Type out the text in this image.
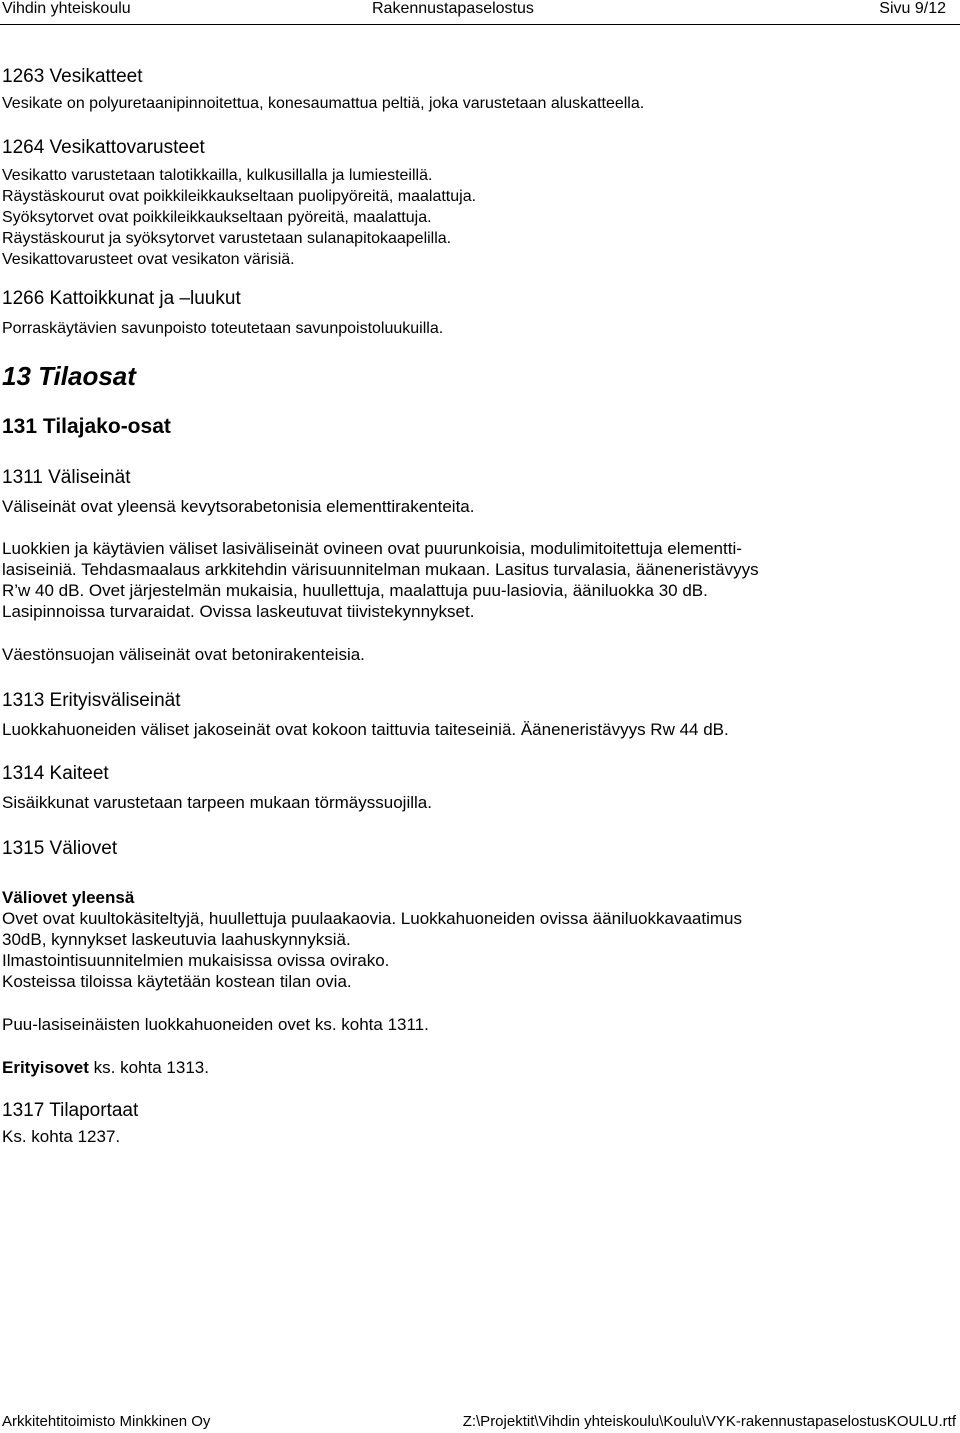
Vihdin yhteiskoulu	Rakennustapaselostus	Sivu 9/12
1263 Vesikatteet

Vesikate on polyuretaanipinnoitettua, konesaumattua peltiä, joka varustetaan aluskatteella.

1264 Vesikattovarusteet

Vesikatto varustetaan talotikkailla, kulkusillalla ja lumiesteillä.

Räystäskourut ovat poikkileikkaukseltaan puolipyöreitä, maalattuja.

Syöksytorvet ovat poikkileikkaukseltaan pyöreitä, maalattuja.

Räystäskourut ja syöksytorvet varustetaan sulanapitokaapelilla.

Vesikattovarusteet ovat vesikaton värisiä.

1266 Kattoikkunat ja –luukut

Porraskäytävien savunpoisto toteutetaan savunpoistoluukuilla.

13 Tilaosat
131 Tilajako-osat
1311 Väliseinät

Väliseinät ovat yleensä kevytsorabetonisia elementtirakenteita.

Luokkien ja käytävien väliset lasiväliseinät ovineen ovat puurunkoisia, modulimitoitettuja elementti-

lasiseiniä. Tehdasmaalaus arkkitehdin värisuunnitelman mukaan. Lasitus turvalasia, ääneneristävyys

R’w 40 dB. Ovet järjestelmän mukaisia, huullettuja, maalattuja puu-lasiovia, ääniluokka 30 dB.

Lasipinnoissa turvaraidat. Ovissa laskeutuvat tiivistekynnykset.

Väestönsuojan väliseinät ovat betonirakenteisia.

1313 Erityisväliseinät

Luokkahuoneiden väliset jakoseinät ovat kokoon taittuvia taiteseiniä. Ääneneristävyys Rw 44 dB.

1314 Kaiteet

Sisäikkunat varustetaan tarpeen mukaan törmäyssuojilla.

1315 Väliovet

Väliovet yleensä

Ovet ovat kuultokäsiteltyjä, huullettuja puulaakaovia. Luokkahuoneiden ovissa ääniluokkavaatimus

30dB, kynnykset laskeutuvia laahuskynnyksiä.

Ilmastointisuunnitelmien mukaisissa ovissa ovirako.

Kosteissa tiloissa käytetään kostean tilan ovia.

Puu-lasiseinäisten luokkahuoneiden ovet ks. kohta 1311.

Erityisovet ks. kohta 1313.

1317 Tilaportaat

Ks. kohta 1237.

Arkkitehtitoimisto Minkkinen Oy	Z:\Projektit\Vihdin yhteiskoulu\Koulu\VYK-rakennustapaselostusKOULU.rtf
